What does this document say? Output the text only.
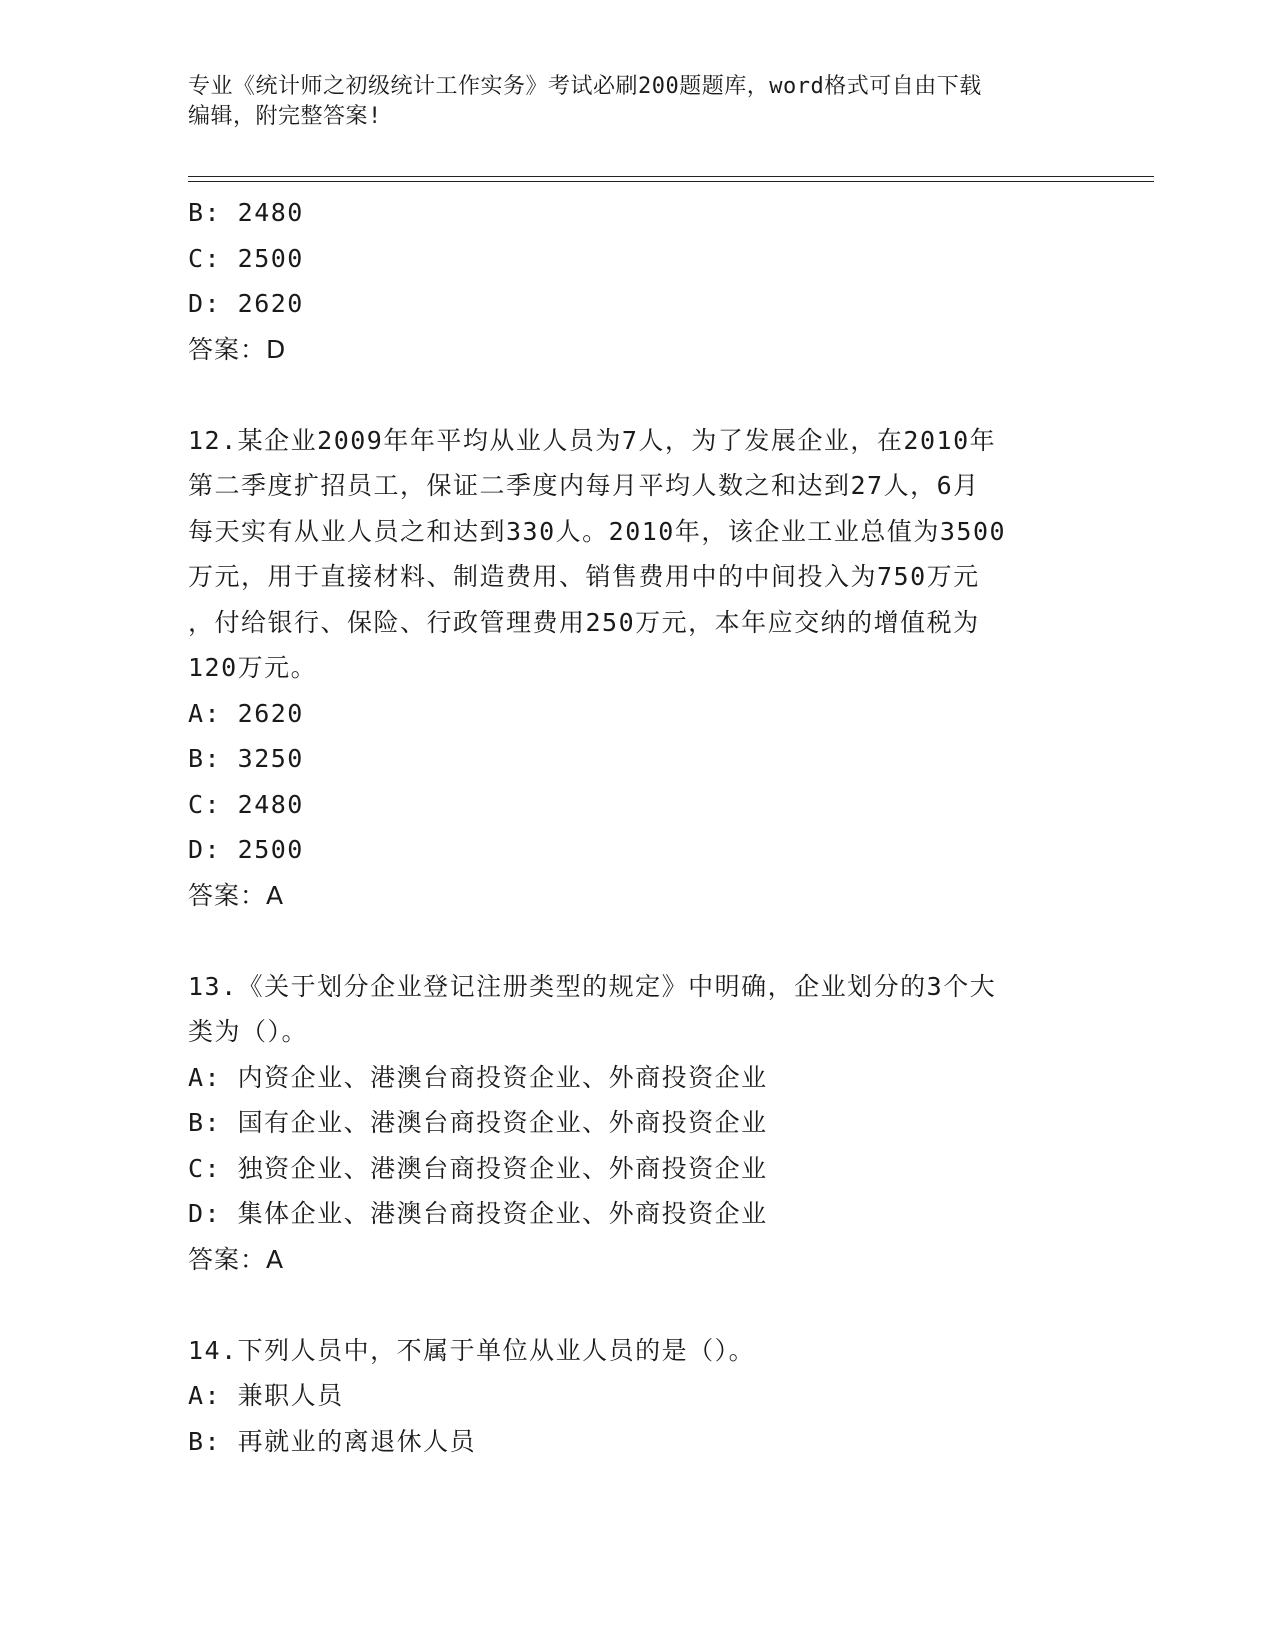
专业《统计师之初级统计工作实务》考试必刷200题题库，word格式可自由下载
编辑，附完整答案!
B: 2480
C: 2500
D: 2620
答案：D
12.某企业2009年年平均从业人员为7人，为了发展企业，在2010年
第二季度扩招员工，保证二季度内每月平均人数之和达到27人，6月
每天实有从业人员之和达到330人。2010年，该企业工业总值为3500
万元，用于直接材料、制造费用、销售费用中的中间投入为750万元
，付给银行、保险、行政管理费用250万元，本年应交纳的增值税为
120万元。
A: 2620
B: 3250
C: 2480
D: 2500
答案：A
13.《关于划分企业登记注册类型的规定》中明确，企业划分的3个大
类为（）。
A: 内资企业、港澳台商投资企业、外商投资企业
B: 国有企业、港澳台商投资企业、外商投资企业
C: 独资企业、港澳台商投资企业、外商投资企业
D: 集体企业、港澳台商投资企业、外商投资企业
答案：A
14.下列人员中，不属于单位从业人员的是（）。
A: 兼职人员
B: 再就业的离退休人员
